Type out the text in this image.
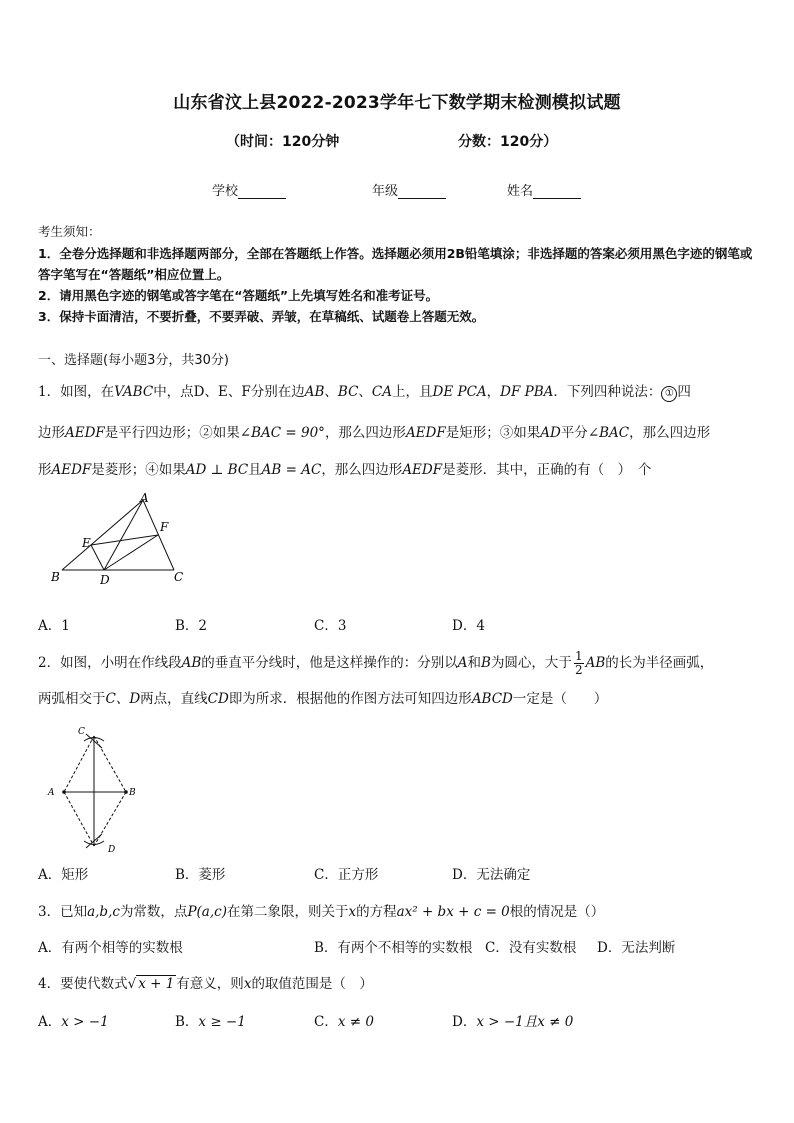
山东省汶上县2022-2023学年七下数学期末检测模拟试题
（时间：120分钟	分数：120分）
学校	年级	姓名
考生须知：
1．全卷分选择题和非选择题两部分，全部在答题纸上作答。选择题必须用2B铅笔填涂；非选择题的答案必须用黑色字迹的钢笔或答字笔写在“答题纸”相应位置上。
2．请用黑色字迹的钢笔或答字笔在“答题纸”上先填写姓名和准考证号。
3．保持卡面清洁，不要折叠，不要弄破、弄皱，在草稿纸、试题卷上答题无效。
一、选择题(每小题3分，共30分)
1．如图，在VABC中，点D、E、F分别在边AB、BC、CA上，且DE PCA，DF PBA．下列四种说法： ① 四
边形AEDF是平行四边形；②如果∠BAC = 90°，那么四边形AEDF是矩形；③如果AD平分∠BAC，那么四边形
形AEDF是菱形；④如果AD ⊥ BC且AB = AC，那么四边形AEDF是菱形．其中，正确的有（　）　个
A
E
F
B	D	C
A．1	B．2	C．3	D．4
2．如图，小明在作线段AB的垂直平分线时，他是这样操作的：分别以A和B为圆心，大于 $\frac{1}{2}$ AB的长为半径画弧，
两弧相交于C、D两点，直线CD即为所求．根据他的作图方法可知四边形ABCD一定是（　　）
C
A	B
D
A．矩形	B．菱形	C．正方形	D．无法确定
3．已知a,b,c为常数，点P(a,c)在第二象限，则关于x的方程ax² + bx + c = 0根的情况是（）
A．有两个相等的实数根	B．有两个不相等的实数根 C．没有实数根 D．无法判断
4．要使代数式√ x + 1 有意义，则x的取值范围是（　）
A．x > −1	B．x ≥ −1	C．x ≠ 0	D．x > −1且x ≠ 0
